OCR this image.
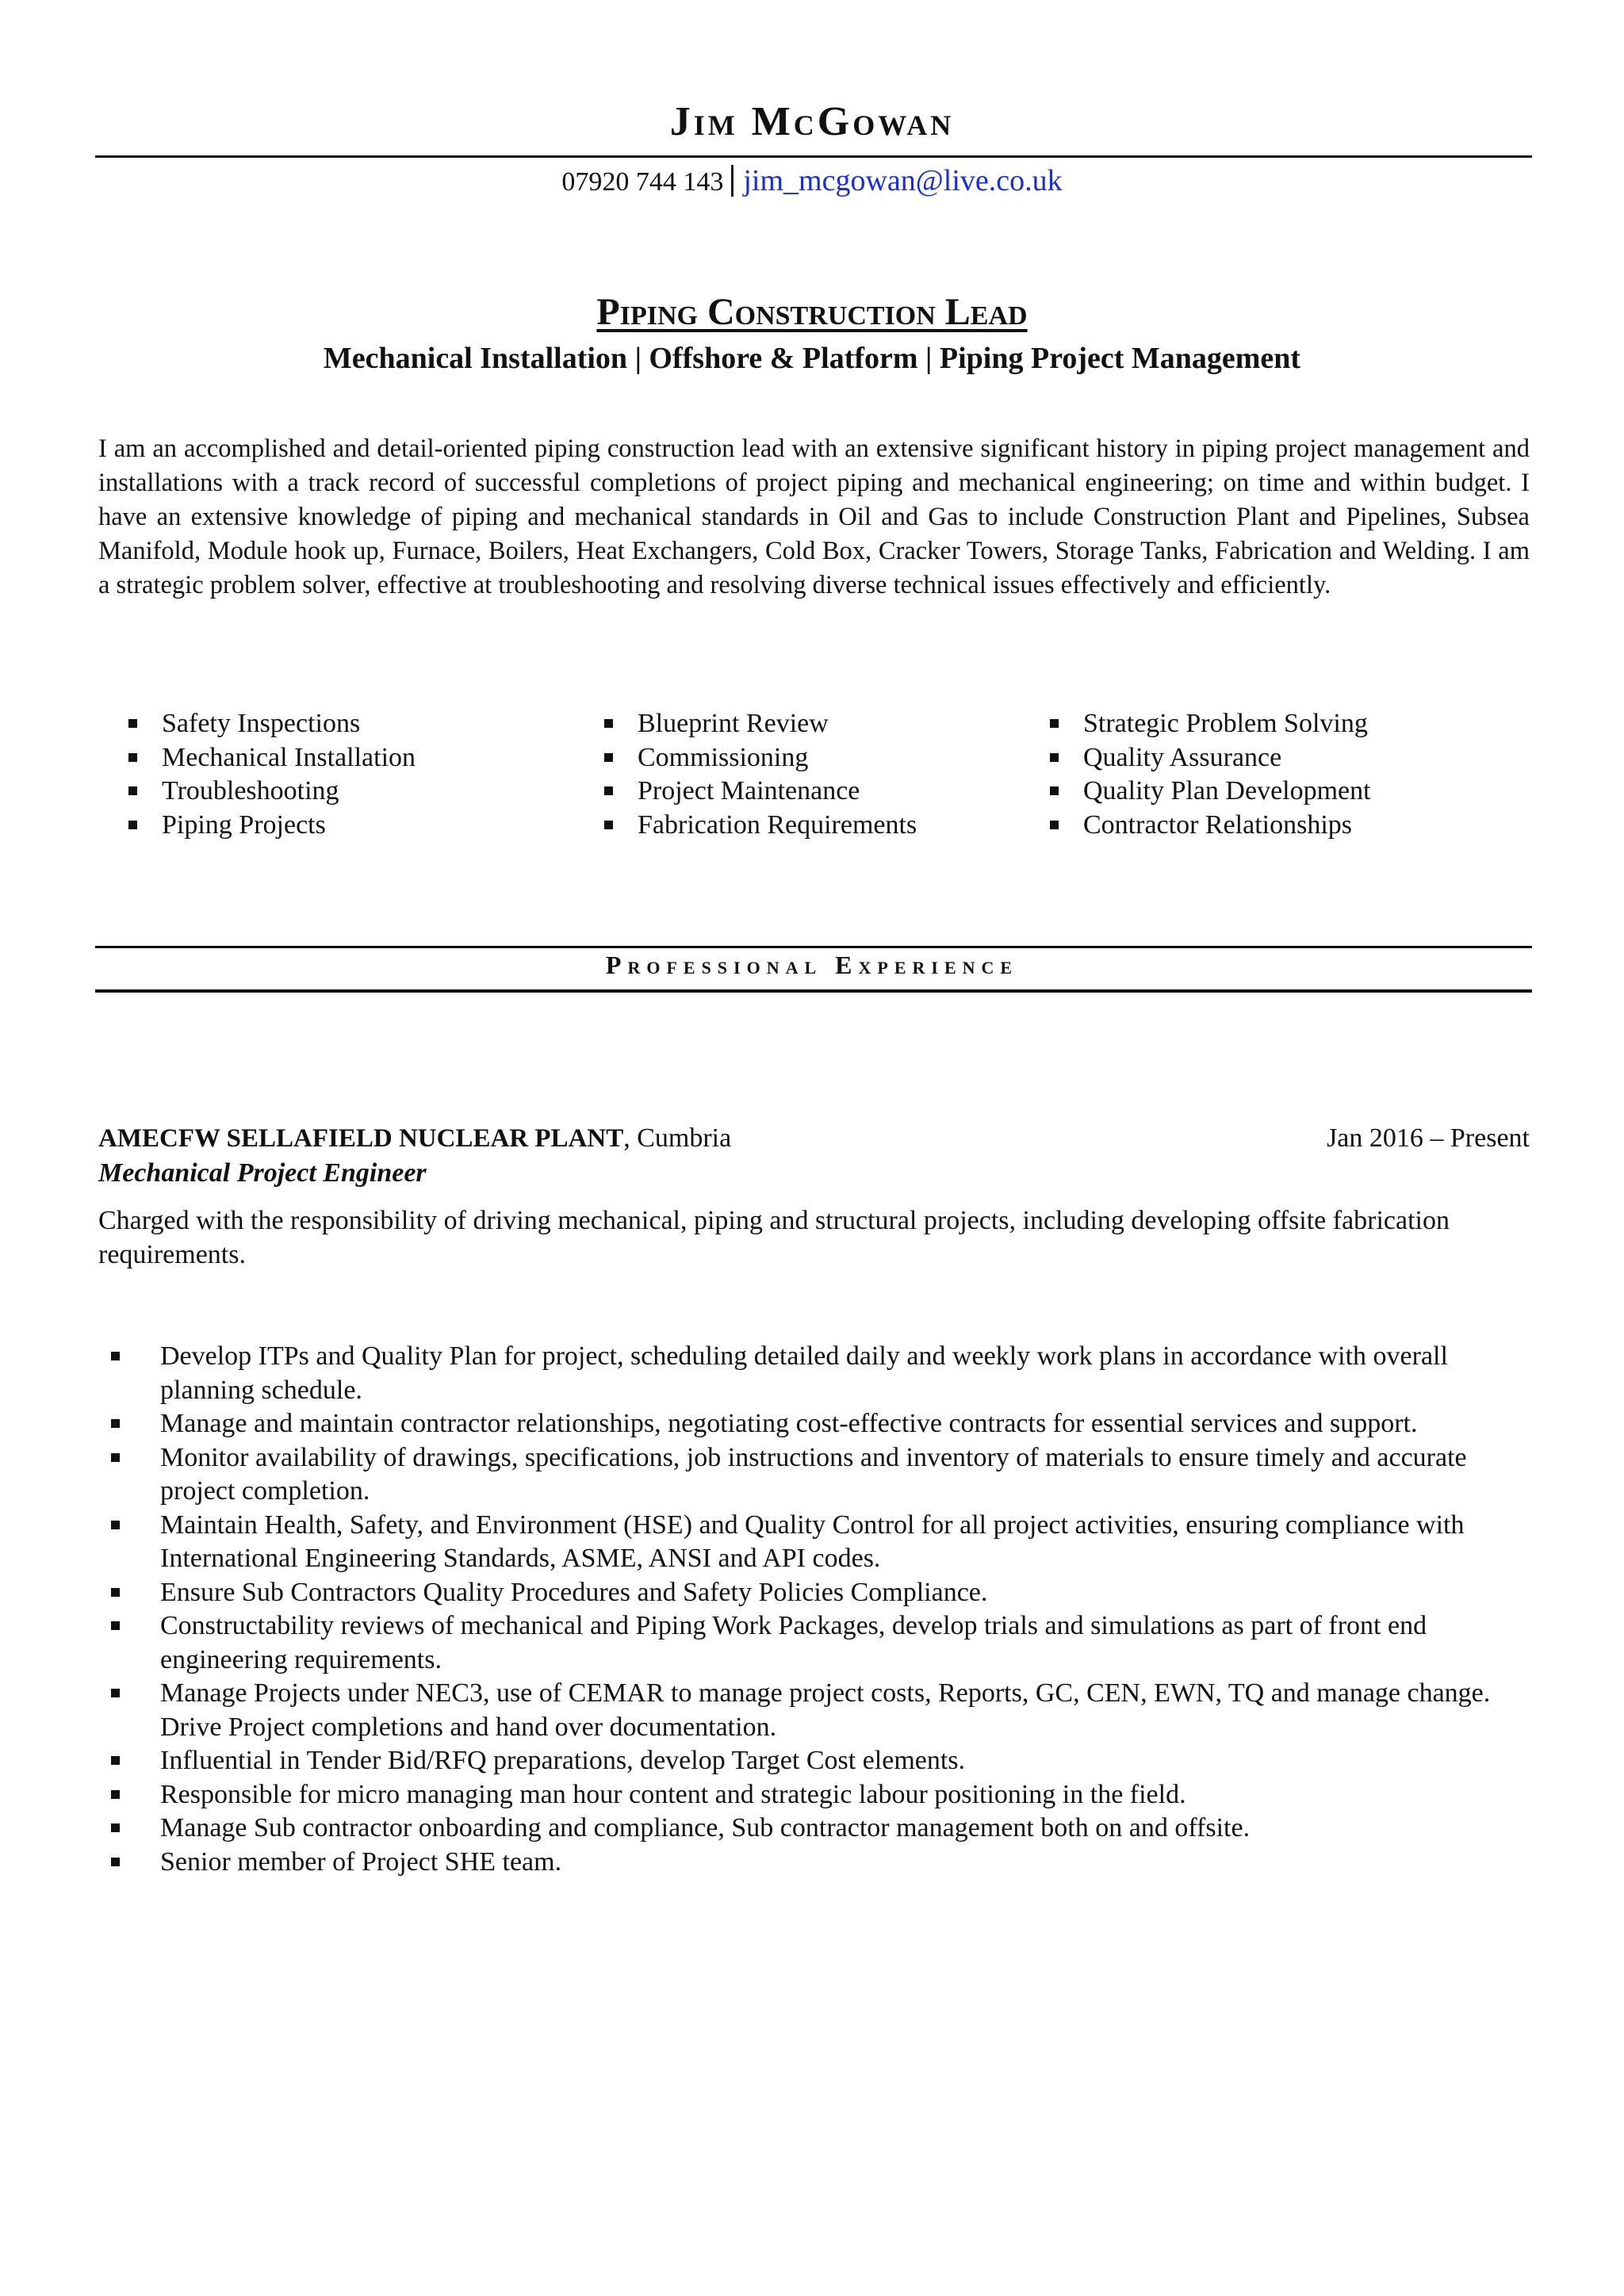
Jim McGowan
07920 744 143 jim_mcgowan@live.co.uk
Piping Construction Lead
Mechanical Installation | Offshore & Platform | Piping Project Management
I am an accomplished and detail-oriented piping construction lead with an extensive significant history in piping project management and installations with a track record of successful completions of project piping and mechanical engineering; on time and within budget. I have an extensive knowledge of piping and mechanical standards in Oil and Gas to include Construction Plant and Pipelines, Subsea Manifold, Module hook up, Furnace, Boilers, Heat Exchangers, Cold Box, Cracker Towers, Storage Tanks, Fabrication and Welding. I am a strategic problem solver, effective at troubleshooting and resolving diverse technical issues effectively and efficiently.
Safety Inspections
Mechanical Installation
Troubleshooting
Piping Projects
Blueprint Review
Commissioning
Project Maintenance
Fabrication Requirements
Strategic Problem Solving
Quality Assurance
Quality Plan Development
Contractor Relationships
Professional Experience
AMECFW SELLAFIELD NUCLEAR PLANT, Cumbria	Jan 2016 – Present
Mechanical Project Engineer
Charged with the responsibility of driving mechanical, piping and structural projects, including developing offsite fabrication requirements.
Develop ITPs and Quality Plan for project, scheduling detailed daily and weekly work plans in accordance with overall planning schedule.
Manage and maintain contractor relationships, negotiating cost-effective contracts for essential services and support.
Monitor availability of drawings, specifications, job instructions and inventory of materials to ensure timely and accurate project completion.
Maintain Health, Safety, and Environment (HSE) and Quality Control for all project activities, ensuring compliance with International Engineering Standards, ASME, ANSI and API codes.
Ensure Sub Contractors Quality Procedures and Safety Policies Compliance.
Constructability reviews of mechanical and Piping Work Packages, develop trials and simulations as part of front end engineering requirements.
Manage Projects under NEC3, use of CEMAR to manage project costs, Reports, GC, CEN, EWN, TQ and manage change. Drive Project completions and hand over documentation.
Influential in Tender Bid/RFQ preparations, develop Target Cost elements.
Responsible for micro managing man hour content and strategic labour positioning in the field.
Manage Sub contractor onboarding and compliance, Sub contractor management both on and offsite.
Senior member of Project SHE team.
